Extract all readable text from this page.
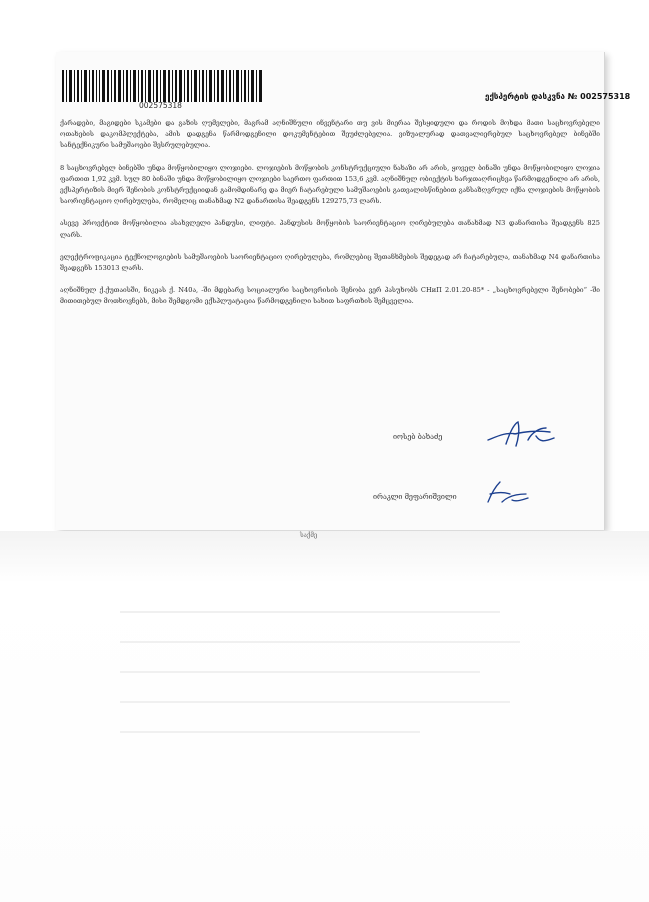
002575318
ექსპერტის დასკვნა № 002575318

ქარადები, მაგიდები სკამები და გაზის ღუმელები, მაგრამ აღნიშნული ინვენტარი თუ ვის მიერაა შესყიდული და როდის მოხდა მათი საცხოვრებელი ოთახების დაკომპლექტება, ამის დადგენა წარმოდგენილი დოკუმენტებით შეუძლებელია. ვიზუალურად დათვალიერებულ საცხოვრებელ ბინებში სანტექნიკური სამუშაოები შესრულებულია.

8 საცხოვრებელ ბინებში უნდა მოწყობილიყო ლოჯიები. ლოჯიების მოწყობის კონსტრუქციული ნახაზი არ არის, ყოველ ბინაში უნდა მოწყობილიყო ლოჯია ფართით 1,92 კვმ. სულ 80 ბინაში უნდა მოწყობილიყო ლოჯიები საერთო ფართით 153,6 კვმ. აღნიშნულ ობიექტის ხარჯთაღრიცხვა წარმოდგენილი არ არის, ექსპერტიზის მიერ შენობის კონსტრუქციიდან გამომდინარე და მიერ ჩატარებული სამუშაოების გათვალისწინებით განსაზღვრულ იქნა ლოჯიების მოწყობის საორიენტაციო ღირებულება, რომელიც თანახმად N2 დანართისა შეადგენს 129275,73 ლარს.

ასევე პროექტით მოწყობილია ასახვლელი პანდუსი, ლიფტი. პანდუსის მოწყობის საორიენტაციო ღირებულება თანახმად N3 დანართისა შეადგენს 825 ლარს.

ელექტროფიკაცია ტექნოლოგიების სამუშაოების საორიენტაციო ღირებულება, რომლებიც შეთანხმების შედეგად არ ჩატარებულა, თანახმად N4 დანართისა შეადგენს 153013 ლარს.

აღნიშნულ ქ.ქუთაისში, ნიკეას ქ. N40ა, -ში მდებარე სოციალური საცხოვრისის შენობა ვერ პასუხობს СНиП 2.01.20-85* - „საცხოვრებელი შენობები“ -ში მითითებულ მოთხოვნებს, მისი შემდგომი ექსპლუატაცია წარმოდგენილი სახით საფრთხის შემცველია.

იოსებ ბახაძე
ირაკლი მეფარიშვილი
საქმე
